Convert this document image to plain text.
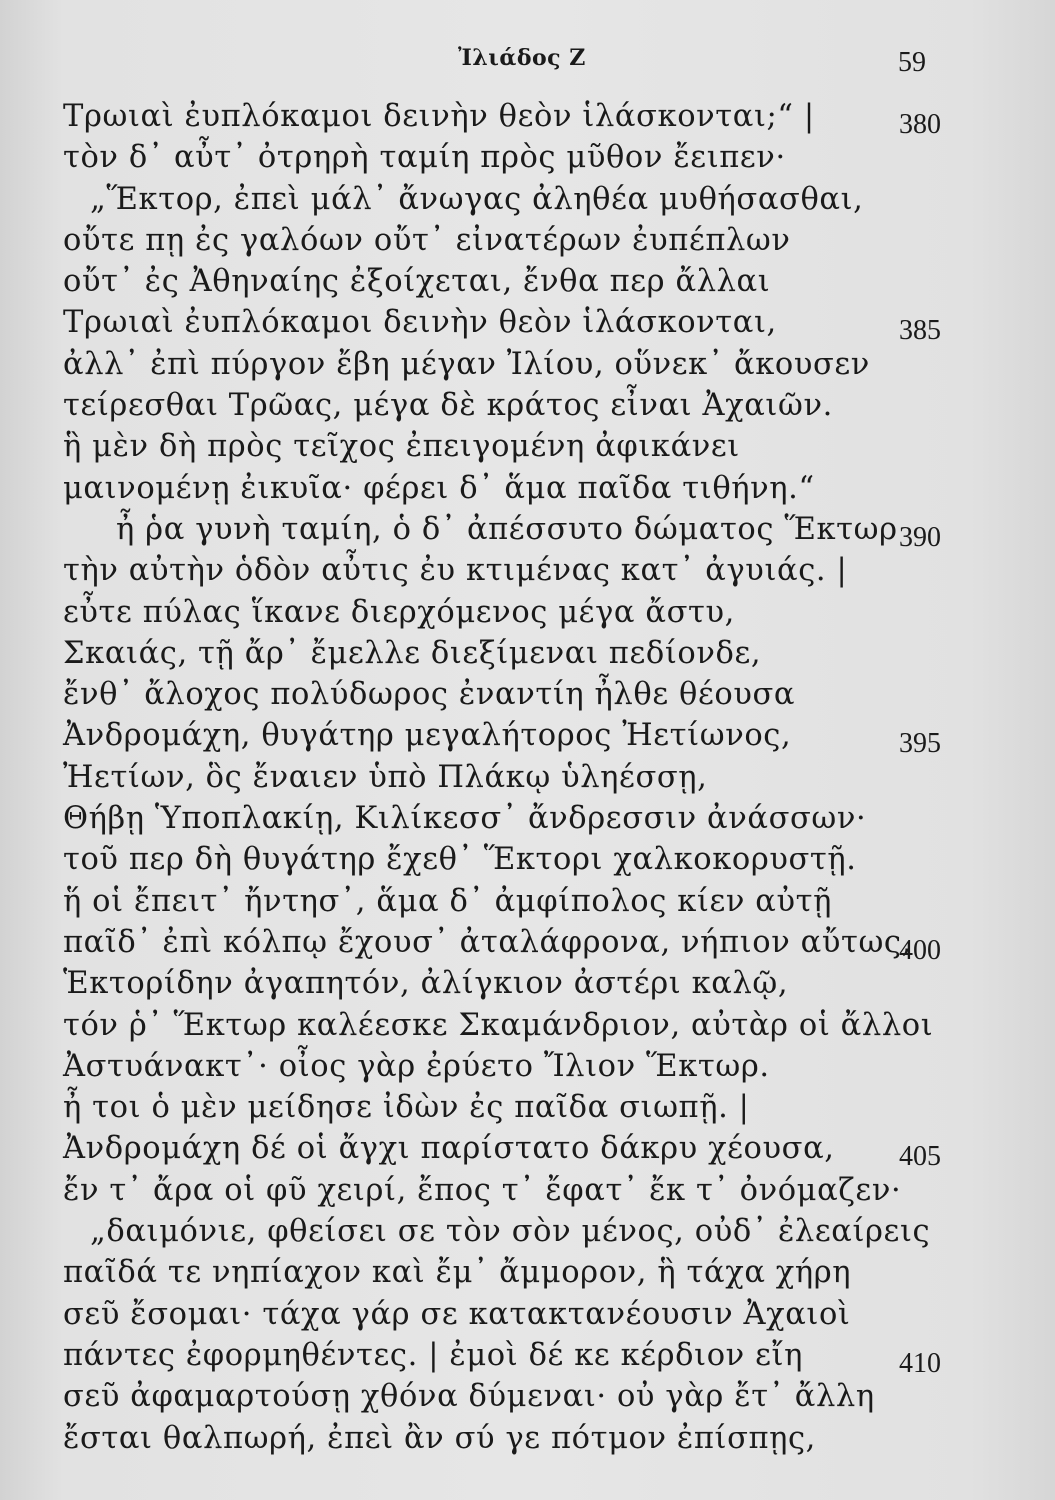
Ἰλιάδος Ζ	59
Τρωιαὶ ἐυπλόκαμοι δεινὴν θεὸν ἱλάσκονται;“ |	380
τὸν δ᾽ αὖτ᾽ ὀτρηρὴ ταμίη πρὸς μῦθον ἔειπεν·
„Ἕκτορ, ἐπεὶ μάλ᾽ ἄνωγας ἀληθέα μυθήσασθαι,
οὔτε πῃ ἐς γαλόων οὔτ᾽ εἰνατέρων ἐυπέπλων
οὔτ᾽ ἐς Ἀθηναίης ἐξοίχεται, ἔνθα περ ἄλλαι
Τρωιαὶ ἐυπλόκαμοι δεινὴν θεὸν ἱλάσκονται,	385
ἀλλ᾽ ἐπὶ πύργον ἔβη μέγαν Ἰλίου, οὕνεκ᾽ ἄκουσεν
τείρεσθαι Τρῶας, μέγα δὲ κράτος εἶναι Ἀχαιῶν.
ἣ μὲν δὴ πρὸς τεῖχος ἐπειγομένη ἀφικάνει
μαινομένῃ ἐικυῖα· φέρει δ᾽ ἅμα παῖδα τιθήνη.“
ἦ ῥα γυνὴ ταμίη, ὁ δ᾽ ἀπέσσυτο δώματος Ἕκτωρ 390
τὴν αὐτὴν ὁδὸν αὖτις ἐυ κτιμένας κατ᾽ ἀγυιάς. |
εὖτε πύλας ἵκανε διερχόμενος μέγα ἄστυ,
Σκαιάς, τῇ ἄρ᾽ ἔμελλε διεξίμεναι πεδίονδε,
ἔνθ᾽ ἄλοχος πολύδωρος ἐναντίη ἦλθε θέουσα
Ἀνδρομάχη, θυγάτηρ μεγαλήτορος Ἠετίωνος,	395
Ἠετίων, ὃς ἔναιεν ὑπὸ Πλάκῳ ὑληέσσῃ,
Θήβῃ Ὑποπλακίῃ, Κιλίκεσσ᾽ ἄνδρεσσιν ἀνάσσων·
τοῦ περ δὴ θυγάτηρ ἔχεθ᾽ Ἕκτορι χαλκοκορυστῇ.
ἥ οἱ ἔπειτ᾽ ἤντησ᾽, ἅμα δ᾽ ἀμφίπολος κίεν αὐτῇ
παῖδ᾽ ἐπὶ κόλπῳ ἔχουσ᾽ ἀταλάφρονα, νήπιον αὔτως,
400
Ἑκτορίδην ἀγαπητόν, ἀλίγκιον ἀστέρι καλῷ,
τόν ῥ᾽ Ἕκτωρ καλέεσκε Σκαμάνδριον, αὐτὰρ οἱ ἄλλοι
Ἀστυάνακτ᾽· οἶος γὰρ ἐρύετο Ἴλιον Ἕκτωρ.
ἦ τοι ὁ μὲν μείδησε ἰδὼν ἐς παῖδα σιωπῇ. |
Ἀνδρομάχη δέ οἱ ἄγχι παρίστατο δάκρυ χέουσα, 405
ἔν τ᾽ ἄρα οἱ φῦ χειρί, ἔπος τ᾽ ἔφατ᾽ ἔκ τ᾽ ὀνόμαζεν·
„δαιμόνιε, φθείσει σε τὸν σὸν μένος, οὐδ᾽ ἐλεαίρεις
παῖδά τε νηπίαχον καὶ ἔμ᾽ ἄμμορον, ἣ τάχα χήρη
σεῦ ἔσομαι· τάχα γάρ σε κατακτανέουσιν Ἀχαιοὶ
πάντες ἐφορμηθέντες. | ἐμοὶ δέ κε κέρδιον εἴη	410
σεῦ ἀφαμαρτούσῃ χθόνα δύμεναι· οὐ γὰρ ἔτ᾽ ἄλλη
ἔσται θαλπωρή, ἐπεὶ ἂν σύ γε πότμον ἐπίσπῃς,
